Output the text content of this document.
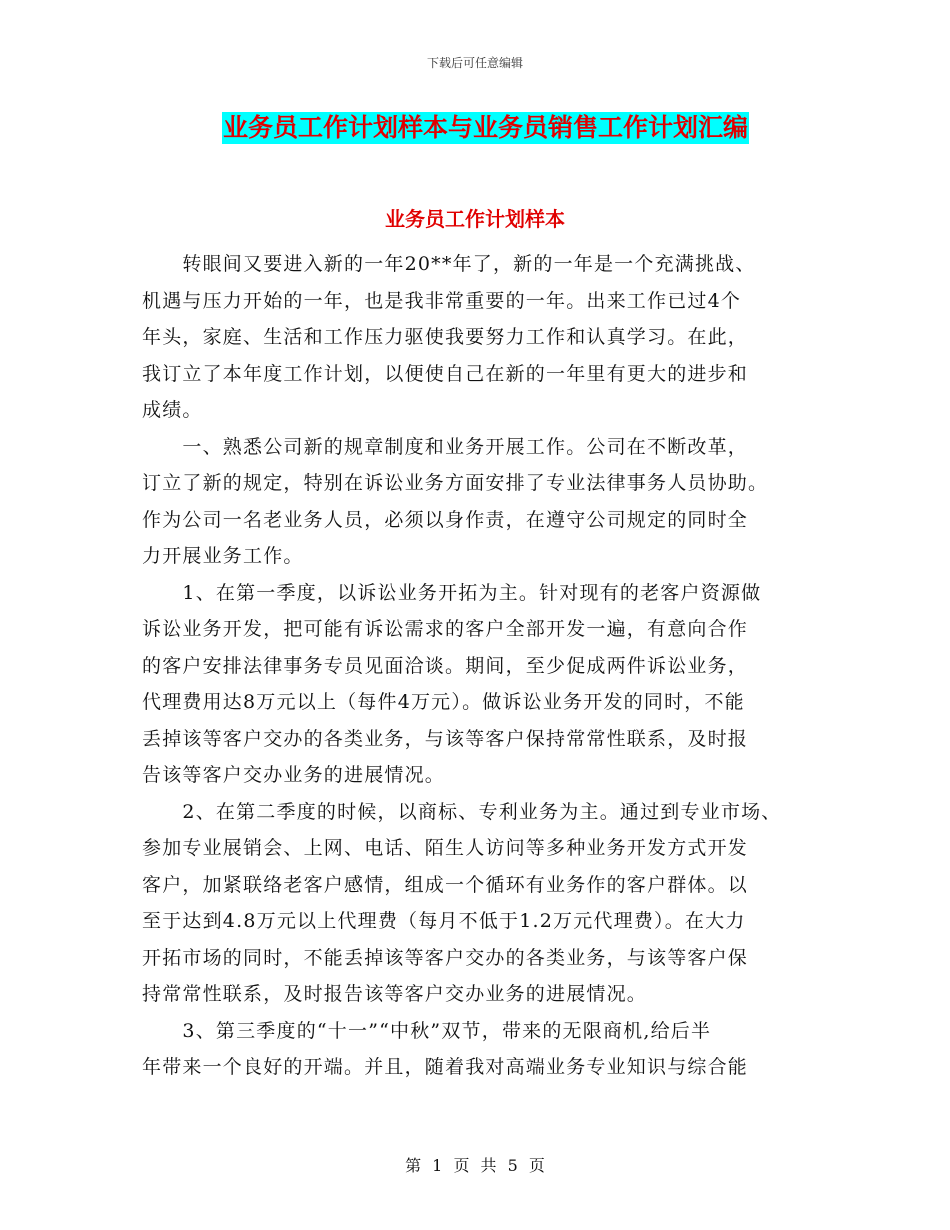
下载后可任意编辑
业务员工作计划样本与业务员销售工作计划汇编
业务员工作计划样本
　　转眼间又要进入新的一年20**年了，新的一年是一个充满挑战、
机遇与压力开始的一年，也是我非常重要的一年。出来工作已过4个
年头，家庭、生活和工作压力驱使我要努力工作和认真学习。在此，
我订立了本年度工作计划，以便使自己在新的一年里有更大的进步和
成绩。
　　一、熟悉公司新的规章制度和业务开展工作。公司在不断改革，
订立了新的规定，特别在诉讼业务方面安排了专业法律事务人员协助。
作为公司一名老业务人员，必须以身作责，在遵守公司规定的同时全
力开展业务工作。
　　1、在第一季度，以诉讼业务开拓为主。针对现有的老客户资源做
诉讼业务开发，把可能有诉讼需求的客户全部开发一遍，有意向合作
的客户安排法律事务专员见面洽谈。期间，至少促成两件诉讼业务，
代理费用达8万元以上（每件4万元）。做诉讼业务开发的同时，不能
丢掉该等客户交办的各类业务，与该等客户保持常常性联系，及时报
告该等客户交办业务的进展情况。
　　2、在第二季度的时候，以商标、专利业务为主。通过到专业市场、
参加专业展销会、上网、电话、陌生人访问等多种业务开发方式开发
客户，加紧联络老客户感情，组成一个循环有业务作的客户群体。以
至于达到4.8万元以上代理费（每月不低于1.2万元代理费）。在大力
开拓市场的同时，不能丢掉该等客户交办的各类业务，与该等客户保
持常常性联系，及时报告该等客户交办业务的进展情况。
　　3、第三季度的“十一”“中秋”双节，带来的无限商机,给后半
年带来一个良好的开端。并且，随着我对高端业务专业知识与综合能
第 1 页 共 5 页
